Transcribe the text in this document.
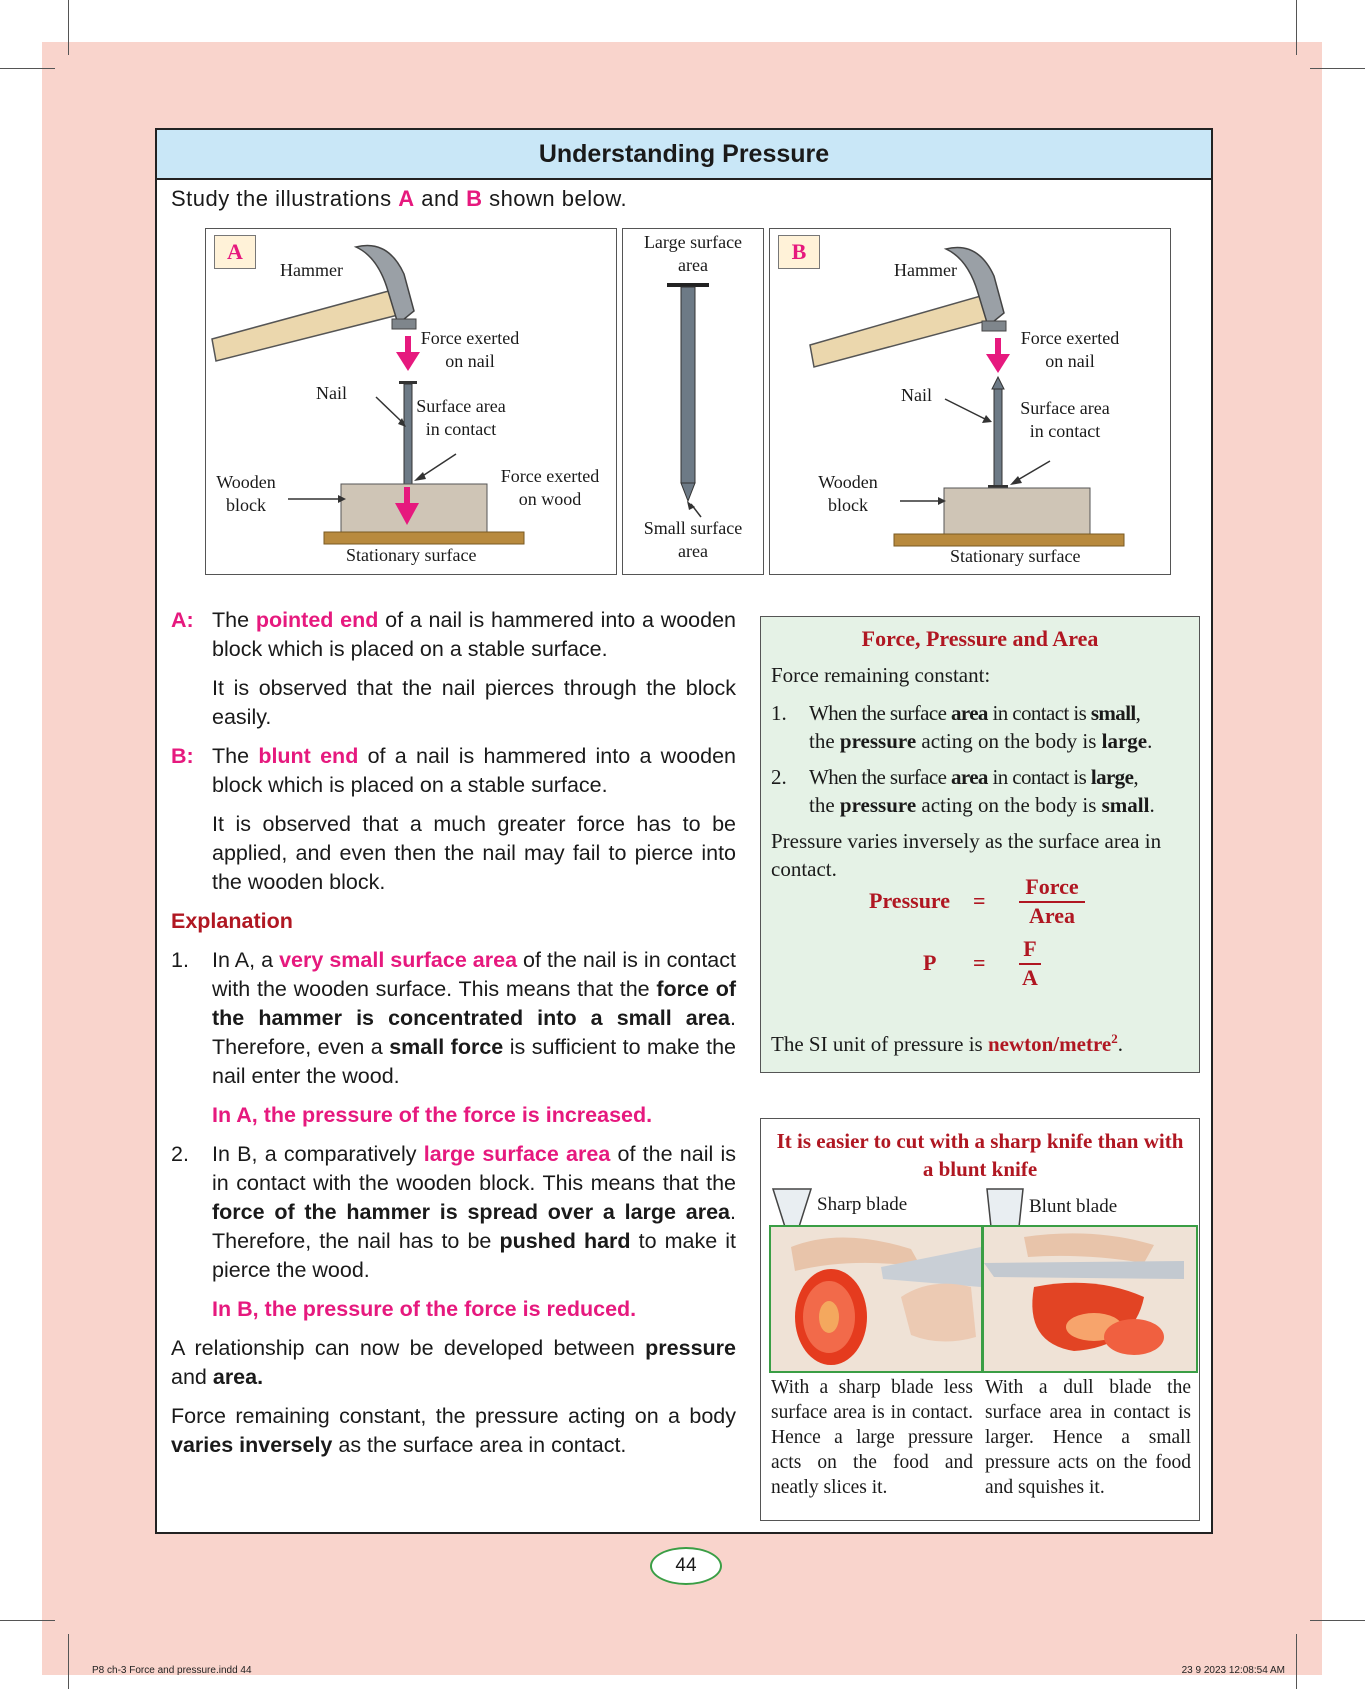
Understanding Pressure
Study the illustrations A and B shown below.
A
Hammer
Force exerted
on nail
Nail
Surface area
in contact
Wooden
block
Force exerted
on wood
Stationary surface
Large surface
area
Small surface
area
B
Hammer
Force exerted
on nail
Nail
Surface area
in contact
Wooden
block
Stationary surface
A: The pointed end of a nail is hammered into a wooden block which is placed on a stable surface.
It is observed that the nail pierces through the block easily.
B: The blunt end of a nail is hammered into a wooden block which is placed on a stable surface.
It is observed that a much greater force has to be applied, and even then the nail may fail to pierce into the wooden block.
Explanation
1. In A, a very small surface area of the nail is in contact with the wooden surface. This means that the force of the hammer is concentrated into a small area. Therefore, even a small force is sufficient to make the nail enter the wood.
In A, the pressure of the force is increased.
2. In B, a comparatively large surface area of the nail is in contact with the wooden block. This means that the force of the hammer is spread over a large area. Therefore, the nail has to be pushed hard to make it pierce the wood.
In B, the pressure of the force is reduced.
A relationship can now be developed between pressure and area.
Force remaining constant, the pressure acting on a body varies inversely as the surface area in contact.
Force, Pressure and Area
Force remaining constant:
1. When the surface area in contact is small,
the pressure acting on the body is large.
2. When the surface area in contact is large,
the pressure acting on the body is small.
Pressure varies inversely as the surface area in contact.
Pressure =
Force
Area
P =
F
A
The SI unit of pressure is newton/metre$^2$.
It is easier to cut with a sharp knife than with a blunt knife
Sharp blade	Blunt blade
With a sharp blade less surface area is in contact. Hence a large pressure acts on the food and neatly slices it.
With a dull blade the surface area in contact is larger. Hence a small pressure acts on the food and squishes it.
44
P8 ch-3 Force and pressure.indd 44	23 9 2023 12:08:54 AM
